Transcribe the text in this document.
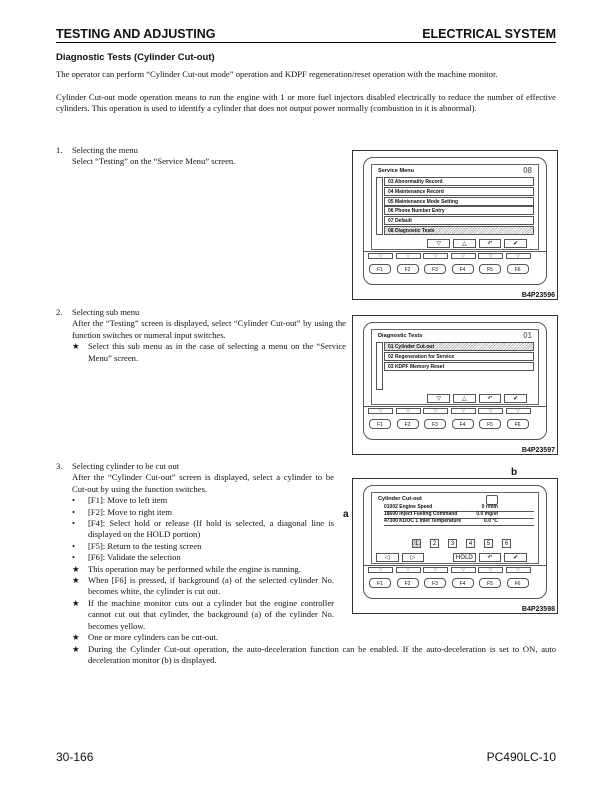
TESTING AND ADJUSTING	ELECTRICAL SYSTEM
Diagnostic Tests (Cylinder Cut-out)
The operator can perform “Cylinder Cut-out mode” operation and KDPF regeneration/reset operation with the machine monitor.
Cylinder Cut-out mode operation means to run the engine with 1 or more fuel injectors disabled electrically to reduce the number of effective cylinders. This operation is used to identify a cylinder that does not output power normally (combustion in it is abnormal).
1. Selecting the menu
Select “Testing” on the “Service Menu” screen.
2. Selecting sub menu
After the “Testing” screen is displayed, select “Cylinder Cut-out” by using the function switches or numeral input switches.
★ Select this sub menu as in the case of selecting a menu on the “Service Menu” screen.
3. Selecting cylinder to be cut out
After the “Cylinder Cut-out” screen is displayed, select a cylinder to be Cut-out by using the function switches.
• [F1]: Move to left item
• [F2]: Move to right item
• [F4]: Select hold or release (If hold is selected, a diagonal line is displayed on the HOLD portion)
• [F5]: Return to the testing screen
• [F6]: Validate the selection
★ This operation may be performed while the engine is running.
★ When [F6] is pressed, if background (a) of the selected cylinder No. becomes white, the cylinder is cut out.
★ If the machine monitor cuts out a cylinder but the engine controller cannot cut out that cylinder, the background (a) of the cylinder No. becomes yellow.
★ One or more cylinders can be cut-out.
★ During the Cylinder Cut-out operation, the auto-deceleration function can be enabled. If the auto-deceleration is set to ON, auto deceleration monitor (b) is displayed.
Service Menu	08
03 Abnormality Record
04 Maintenance Record
05 Maintenance Mode Setting
06 Phone Number Entry
07 Default
08 Diagnostic Tests
▽	△	↶	✔
▽	▽	▽	▽	▽	▽
F1	F2	F3	F4	F5	F6
B4P23596
Diagnostic Tests	01
01 Cylinder Cut-out
02 Regeneration for Service
03 KDPF Memory Reset
▽	△	↶	✔
▽	▽	▽	▽	▽	▽
F1	F2	F3	F4	F5	F6
B4P23597
Cylinder Cut-out
01002 Engine Speed	0 r/min
18600 Inject Fueling Command	0.0 mg/st
47300 KDOC 1 Inlet Temperature	0.0 °C
1	2	3	4	5	6
◁	▷	HOLD	↶	✔
▽	▽	▽	▽	▽	▽
F1	F2	F3	F4	F5	F6
a
b
B4P23598
30-166	PC490LC-10
